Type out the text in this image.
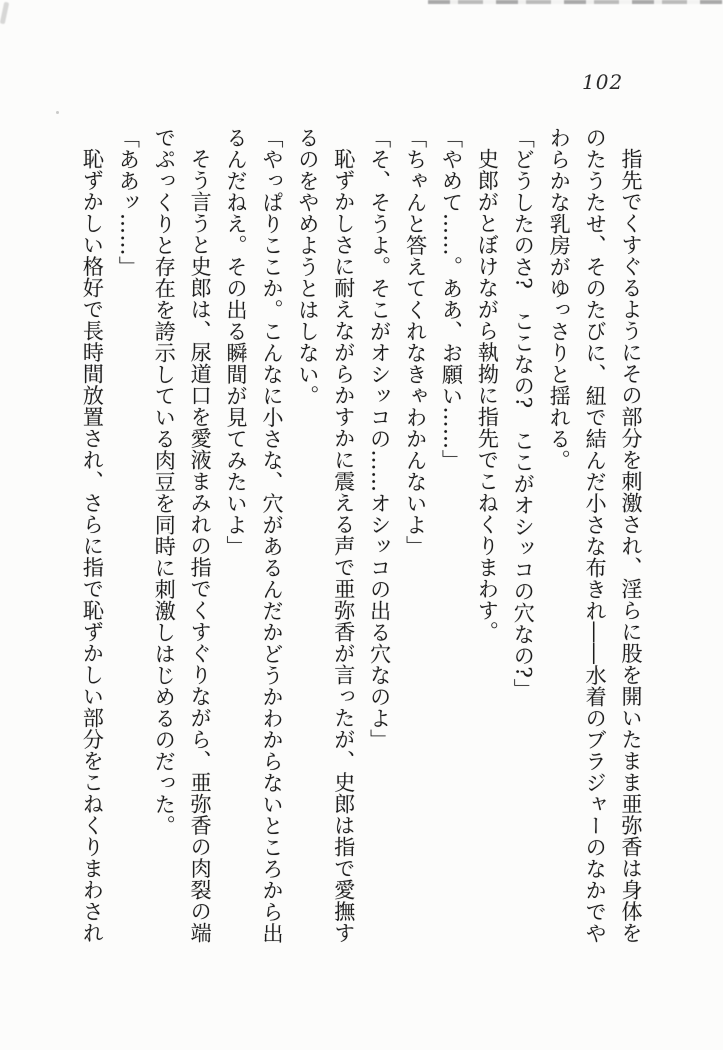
102

指先でくすぐるようにその部分を刺激され、淫らに股を開いたまま亜弥香は身体をのたうたせ、そのたびに、紐で結んだ小さな布きれ――水着のブラジャーのなかでやわらかな乳房がゆっさりと揺れる。

「どうしたのさ?　ここなの?　ここがオシッコの穴なの?」

史郎がとぼけながら執拗に指先でこねくりまわす。

「やめて……。ああ、お願い……」

「ちゃんと答えてくれなきゃわかんないよ」

「そ、そうよ。そこがオシッコの……オシッコの出る穴なのよ」

恥ずかしさに耐えながらかすかに震える声で亜弥香が言ったが、史郎は指で愛撫するのをやめようとはしない。

「やっぱりここか。こんなに小さな、穴があるんだかどうかわからないところから出るんだねえ。その出る瞬間が見てみたいよ」

そう言うと史郎は、尿道口を愛液まみれの指でくすぐりながら、亜弥香の肉裂の端でぷっくりと存在を誇示している肉豆を同時に刺激しはじめるのだった。

「ああッ……」

恥ずかしい格好で長時間放置され、さらに指で恥ずかしい部分をこねくりまわされ
